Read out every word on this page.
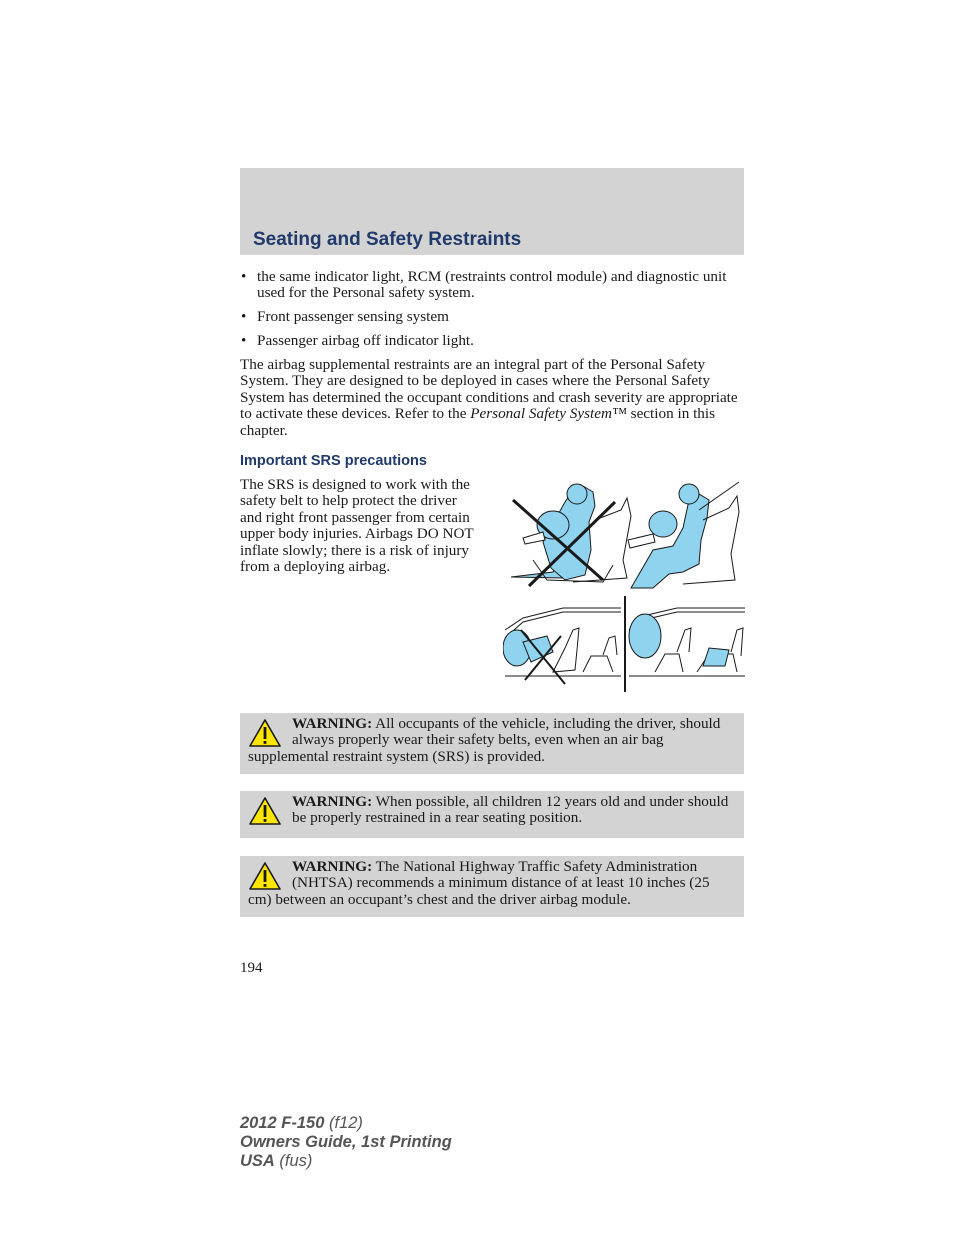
Seating and Safety Restraints
• the same indicator light, RCM (restraints control module) and diagnostic unit used for the Personal safety system.
• Front passenger sensing system
• Passenger airbag off indicator light.

The airbag supplemental restraints are an integral part of the Personal Safety System. They are designed to be deployed in cases where the Personal Safety System has determined the occupant conditions and crash severity are appropriate to activate these devices. Refer to the Personal Safety System™ section in this chapter.

Important SRS precautions

The SRS is designed to work with the safety belt to help protect the driver and right front passenger from certain upper body injuries. Airbags DO NOT inflate slowly; there is a risk of injury from a deploying airbag.

WARNING: All occupants of the vehicle, including the driver, should always properly wear their safety belts, even when an air bag supplemental restraint system (SRS) is provided.

WARNING: When possible, all children 12 years old and under should be properly restrained in a rear seating position.

WARNING: The National Highway Traffic Safety Administration (NHTSA) recommends a minimum distance of at least 10 inches (25 cm) between an occupant’s chest and the driver airbag module.

194

2012 F-150 (f12)
Owners Guide, 1st Printing
USA (fus)
